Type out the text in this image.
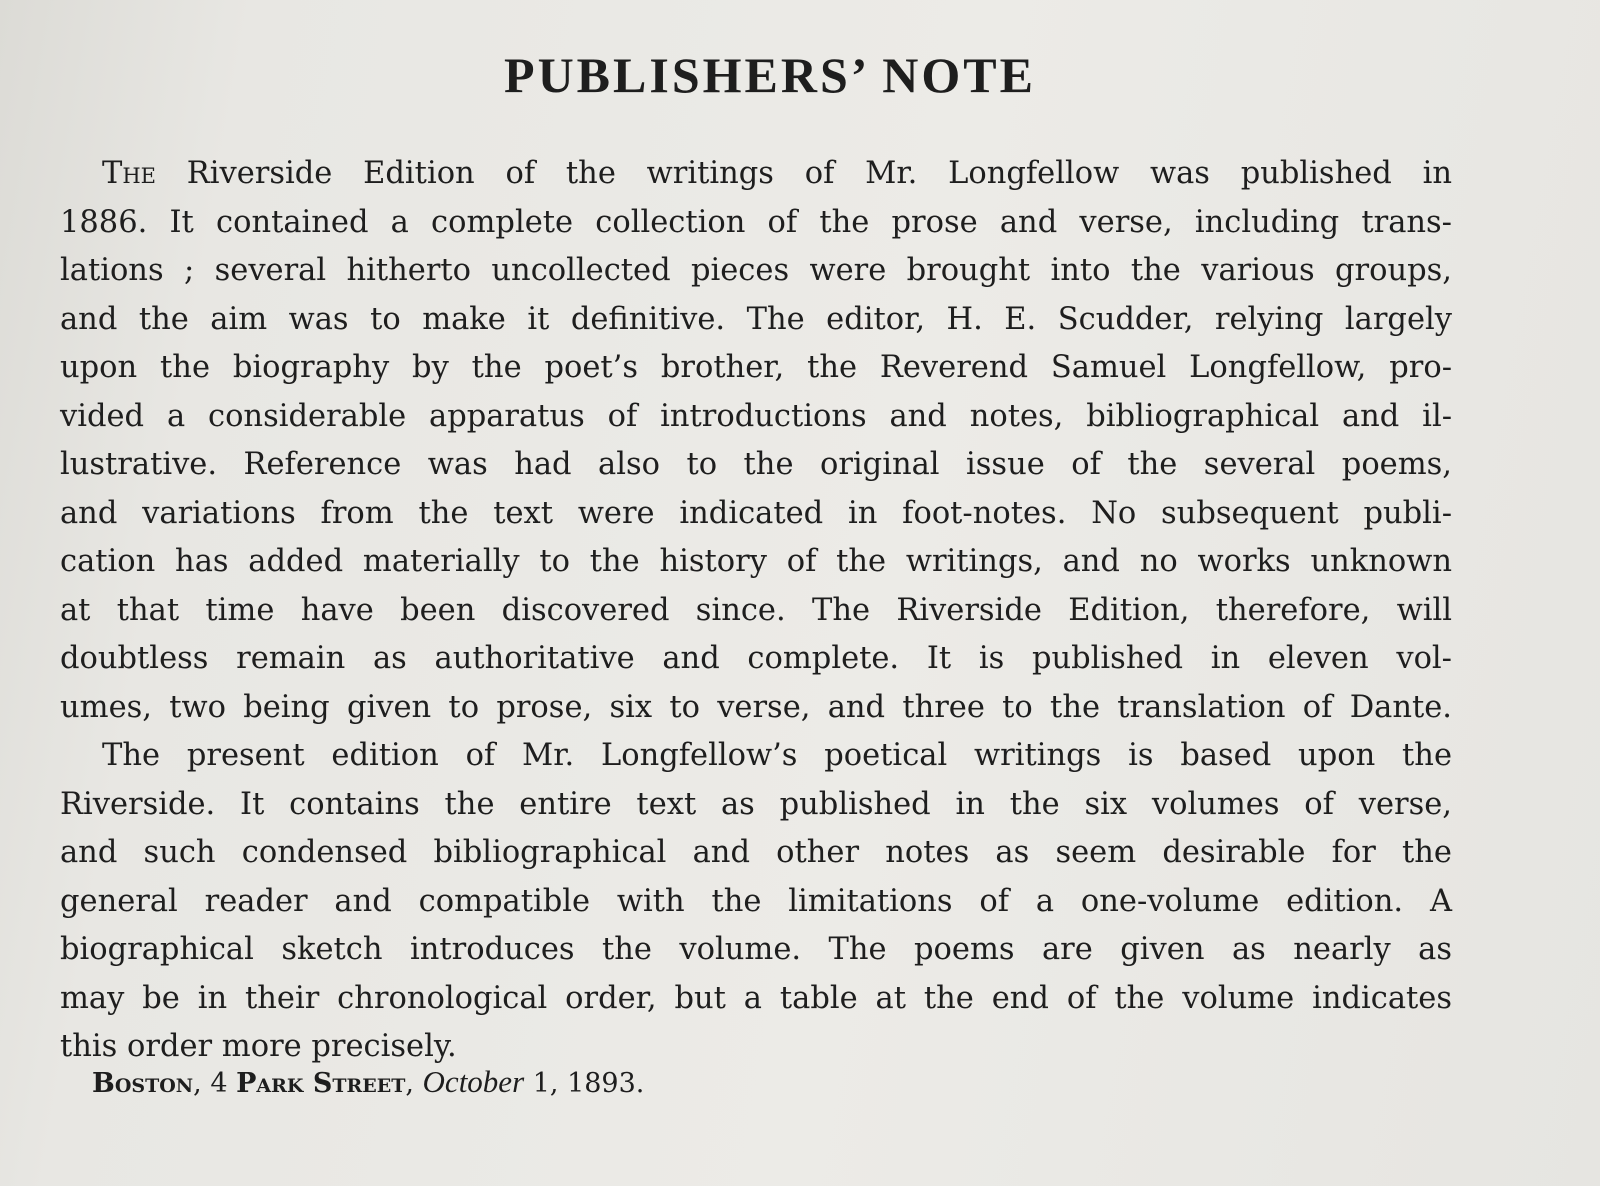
PUBLISHERS’ NOTE
The Riverside Edition of the writings of Mr. Longfellow was published in
1886. It contained a complete collection of the prose and verse, including trans-
lations ; several hitherto uncollected pieces were brought into the various groups,
and the aim was to make it definitive. The editor, H. E. Scudder, relying largely
upon the biography by the poet’s brother, the Reverend Samuel Longfellow, pro-
vided a considerable apparatus of introductions and notes, bibliographical and il-
lustrative. Reference was had also to the original issue of the several poems,
and variations from the text were indicated in foot-notes. No subsequent publi-
cation has added materially to the history of the writings, and no works unknown
at that time have been discovered since. The Riverside Edition, therefore, will
doubtless remain as authoritative and complete. It is published in eleven vol-
umes, two being given to prose, six to verse, and three to the translation of Dante.
The present edition of Mr. Longfellow’s poetical writings is based upon the
Riverside. It contains the entire text as published in the six volumes of verse,
and such condensed bibliographical and other notes as seem desirable for the
general reader and compatible with the limitations of a one-volume edition. A
biographical sketch introduces the volume. The poems are given as nearly as
may be in their chronological order, but a table at the end of the volume indicates
this order more precisely.
Boston, 4 Park Street, October 1, 1893.
